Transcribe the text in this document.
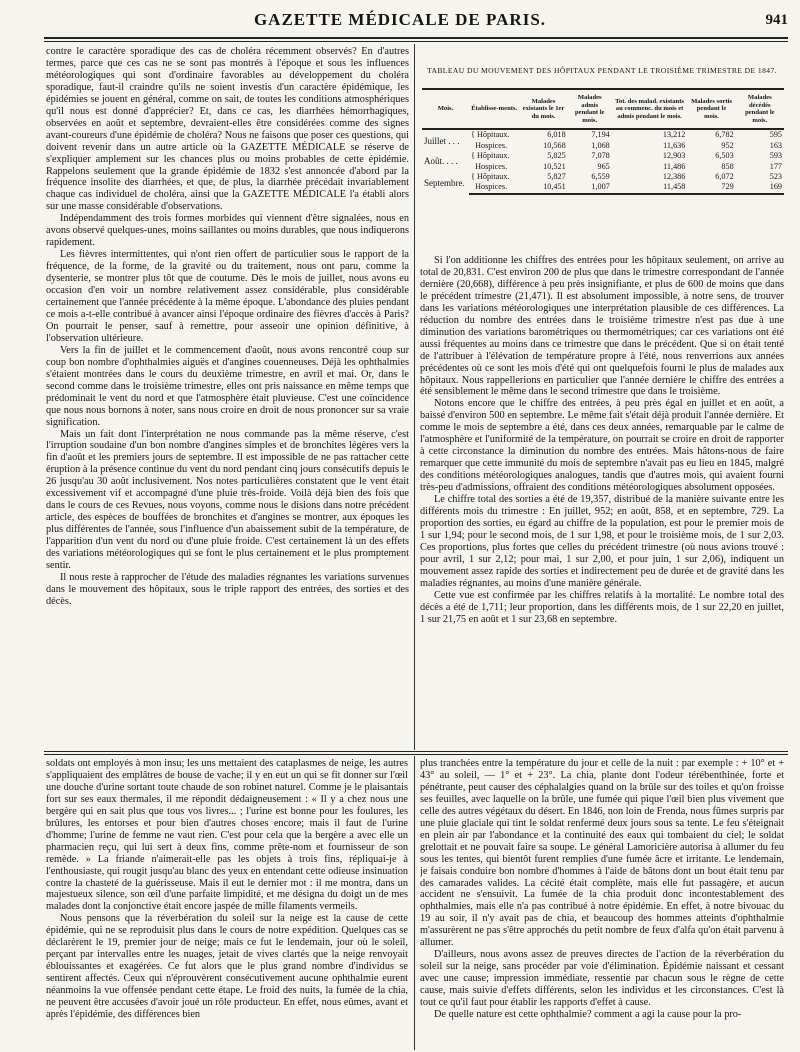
GAZETTE MÉDICALE DE PARIS.	941

contre le caractère sporadique des cas de choléra récemment observés? En d'autres termes, parce que ces cas ne se sont pas montrés à l'époque et sous les influences météorologiques qui sont d'ordinaire favorables au développement du choléra sporadique, faut-il craindre qu'ils ne soient investis d'un caractère épidémique, les épidémies se jouent en général, comme on sait, de toutes les conditions atmosphériques qu'il nous est donné d'apprécier? Et, dans ce cas, les diarrhées hémorrhagiques, observées en août et septembre, devraient-elles être considérées comme des signes avant-coureurs d'une épidémie de choléra? Nous ne faisons que poser ces questions, qui doivent revenir dans un autre article où la GAZETTE MÉDICALE se réserve de s'expliquer amplement sur les chances plus ou moins probables de cette épidémie. Rappelons seulement que la grande épidémie de 1832 s'est annoncée d'abord par la fréquence insolite des diarrhées, et que, de plus, la diarrhée précédait invariablement chaque cas individuel de choléra, ainsi que la GAZETTE MÉDICALE l'a établi alors sur une masse considérable d'observations.

Indépendamment des trois formes morbides qui viennent d'être signalées, nous en avons observé quelques-unes, moins saillantes ou moins durables, que nous indiquerons rapidement.

Les fièvres intermittentes, qui n'ont rien offert de particulier sous le rapport de la fréquence, de la forme, de la gravité ou du traitement, nous ont paru, comme la dysenterie, se montrer plus tôt que de coutume. Dès le mois de juillet, nous avons eu occasion d'en voir un nombre relativement assez considérable, plus considérable certainement que l'année précédente à la même époque. L'abondance des pluies pendant ce mois a-t-elle contribué à avancer ainsi l'époque ordinaire des fièvres d'accès à Paris? On pourrait le penser, sauf à remettre, pour asseoir une opinion définitive, à l'observation ultérieure.

Vers la fin de juillet et le commencement d'août, nous avons rencontré coup sur coup bon nombre d'ophthalmies aiguës et d'angines couenneuses. Déjà les ophthalmies s'étaient montrées dans le cours du deuxième trimestre, en avril et mai. Or, dans le second comme dans le troisième trimestre, elles ont pris naissance en même temps que prédominait le vent du nord et que l'atmosphère était pluvieuse. C'est une coïncidence que nous nous bornons à noter, sans nous croire en droit de nous prononcer sur sa vraie signification.

Mais un fait dont l'interprétation ne nous commande pas la même réserve, c'est l'irruption soudaine d'un bon nombre d'angines simples et de bronchites légères vers la fin d'août et les premiers jours de septembre. Il est impossible de ne pas rattacher cette éruption à la présence continue du vent du nord pendant cinq jours consécutifs depuis le 26 jusqu'au 30 août inclusivement. Nos notes particulières constatent que le vent était excessivement vif et accompagné d'une pluie très-froide. Voilà déjà bien des fois que dans le cours de ces Revues, nous voyons, comme nous le disions dans notre précédent article, des espèces de bouffées de bronchites et d'angines se montrer, aux époques les plus différentes de l'année, sous l'influence d'un abaissement subit de la température, de l'apparition d'un vent du nord ou d'une pluie froide. C'est certainement là un des effets des variations météorologiques qui se font le plus certainement et le plus promptement sentir.

Il nous reste à rapprocher de l'étude des maladies régnantes les variations survenues dans le mouvement des hôpitaux, sous le triple rapport des entrées, des sorties et des décès.

TABLEAU DU MOUVEMENT DES HÔPITAUX PENDANT LE TROISIÈME TRIMESTRE DE 1847.
Mois.	Établisse-ments.	Malades existants le 1er du mois.	Malades admis pendant le mois.	Tot. des malad. existants au commenc. du mois et admis pendant le mois.	Malades sortis pendant le mois.	Malades décédés pendant le mois.
Juillet . . .	{ Hôpitaux.	6,018	7,194	13,212	6,782	595
	Hospices.	10,568	1,068	11,636	952	163
Août. . . .	{ Hôpitaux.	5,825	7,078	12,903	6,503	593
	Hospices.	10,521	965	11,486	858	177
Septembre.	{ Hôpitaux.	5,827	6,559	12,386	6,072	523
	Hospices.	10,451	1,007	11,458	729	169

Si l'on additionne les chiffres des entrées pour les hôpitaux seulement, on arrive au total de 20,831. C'est environ 200 de plus que dans le trimestre correspondant de l'année dernière (20,668), différence à peu près insignifiante, et plus de 600 de moins que dans le précédent trimestre (21,471). Il est absolument impossible, à notre sens, de trouver dans les variations météorologiques une interprétation plausible de ces différences. La réduction du nombre des entrées dans le troisième trimestre n'est pas due à une diminution des variations barométriques ou thermométriques; car ces variations ont été aussi fréquentes au moins dans ce trimestre que dans le précédent. Que si on était tenté de l'attribuer à l'élévation de température propre à l'été, nous renverrions aux années précédentes où ce sont les mois d'été qui ont quelquefois fourni le plus de malades aux hôpitaux. Nous rappellerions en particulier que l'année dernière le chiffre des entrées a été sensiblement le même dans le second trimestre que dans le troisième.

Notons encore que le chiffre des entrées, à peu près égal en juillet et en août, a baissé d'environ 500 en septembre. Le même fait s'était déjà produit l'année dernière. Et comme le mois de septembre a été, dans ces deux années, remarquable par le calme de l'atmosphère et l'uniformité de la température, on pourrait se croire en droit de rapporter à cette circonstance la diminution du nombre des entrées. Mais hâtons-nous de faire remarquer que cette immunité du mois de septembre n'avait pas eu lieu en 1845, malgré des conditions météorologiques analogues, tandis que d'autres mois, qui avaient fourni très-peu d'admissions, offraient des conditions météorologiques absolument opposées.

Le chiffre total des sorties a été de 19,357, distribué de la manière suivante entre les différents mois du trimestre : En juillet, 952; en août, 858, et en septembre, 729. La proportion des sorties, eu égard au chiffre de la population, est pour le premier mois de 1 sur 1,94; pour le second mois, de 1 sur 1,98, et pour le troisième mois, de 1 sur 2,03. Ces proportions, plus fortes que celles du précédent trimestre (où nous avions trouvé : pour avril, 1 sur 2,12; pour mai, 1 sur 2,00, et pour juin, 1 sur 2,06), indiquent un mouvement assez rapide des sorties et indirectement peu de durée et de gravité dans les maladies régnantes, au moins d'une manière générale.

Cette vue est confirmée par les chiffres relatifs à la mortalité. Le nombre total des décès a été de 1,711; leur proportion, dans les différents mois, de 1 sur 22,20 en juillet, 1 sur 21,75 en août et 1 sur 23,68 en septembre.

soldats ont employés à mon insu; les uns mettaient des cataplasmes de neige, les autres s'appliquaient des emplâtres de bouse de vache; il y en eut un qui se fit donner sur l'œil une douche d'urine sortant toute chaude de son robinet naturel. Comme je le plaisantais fort sur ses eaux thermales, il me répondit dédaigneusement : « Il y a chez nous une bergère qui en sait plus que tous vos livres... ; l'urine est bonne pour les foulures, les brûlures, les entorses et pour bien d'autres choses encore; mais il faut de l'urine d'homme; l'urine de femme ne vaut rien. C'est pour cela que la bergère a avec elle un pharmacien reçu, qui lui sert à deux fins, comme prête-nom et fournisseur de son remède. » La friande n'aimerait-elle pas les objets à trois fins, répliquai-je à l'enthousiaste, qui rougit jusqu'au blanc des yeux en entendant cette odieuse insinuation contre la chasteté de la guérisseuse. Mais il eut le dernier mot : il me montra, dans un majestueux silence, son œil d'une parfaite limpidité, et me désigna du doigt un de mes malades dont la conjonctive était encore jaspée de mille filaments vermeils.

Nous pensons que la réverbération du soleil sur la neige est la cause de cette épidémie, qui ne se reproduisit plus dans le cours de notre expédition. Quelques cas se déclarèrent le 19, premier jour de neige; mais ce fut le lendemain, jour où le soleil, perçant par intervalles entre les nuages, jetait de vives clartés que la neige renvoyait éblouissantes et exagérées. Ce fut alors que le plus grand nombre d'individus se sentirent affectés. Ceux qui n'éprouvèrent consécutivement aucune ophthalmie eurent néanmoins la vue offensée pendant cette étape. Le froid des nuits, la fumée de la chia, ne peuvent être accusées d'avoir joué un rôle producteur. En effet, nous eûmes, avant et après l'épidémie, des différences bien

plus tranchées entre la température du jour et celle de la nuit : par exemple : + 10° et + 43° au soleil, — 1° et + 23°. La chia, plante dont l'odeur térébenthinée, forte et pénétrante, peut causer des céphalalgies quand on la brûle sur des toiles et qu'on froisse ses feuilles, avec laquelle on la brûle, une fumée qui pique l'œil bien plus vivement que celle des autres végétaux du désert. En 1846, non loin de Frenda, nous fûmes surpris par une pluie glaciale qui tint le soldat renfermé deux jours sous sa tente. Le feu s'éteignait en plein air par l'abondance et la continuité des eaux qui tombaient du ciel; le soldat grelottait et ne pouvait faire sa soupe. Le général Lamoricière autorisa à allumer du feu sous les tentes, qui bientôt furent remplies d'une fumée âcre et irritante. Le lendemain, je faisais conduire bon nombre d'hommes à l'aide de bâtons dont un bout était tenu par des camarades valides. La cécité était complète, mais elle fut passagère, et aucun accident ne s'ensuivit. La fumée de la chia produit donc incontestablement des ophthalmies, mais elle n'a pas contribué à notre épidémie. En effet, à notre bivouac du 19 au soir, il n'y avait pas de chia, et beaucoup des hommes atteints d'ophthalmie m'assurèrent ne pas s'être approchés du petit nombre de feux d'alfa qu'on était parvenu à allumer.

D'ailleurs, nous avons assez de preuves directes de l'action de la réverbération du soleil sur la neige, sans procéder par voie d'élimination. Épidémie naissant et cessant avec une cause; impression immédiate, ressentie par chacun sous le règne de cette cause, mais suivie d'effets différents, selon les individus et les circonstances. C'est là tout ce qu'il faut pour établir les rapports d'effet à cause.

De quelle nature est cette ophthalmie? comment a agi la cause pour la pro-
